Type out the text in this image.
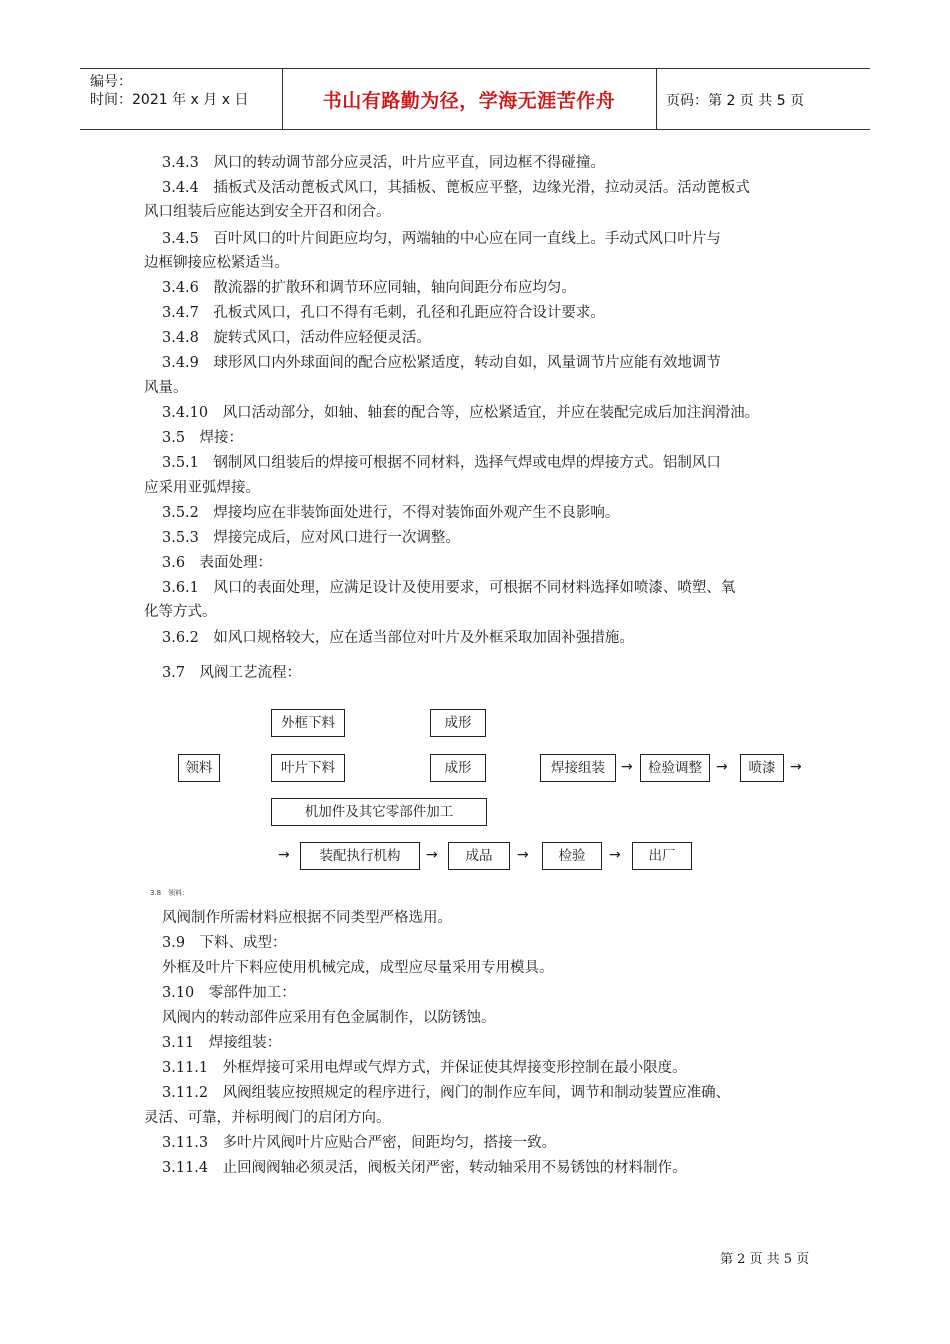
编号：
时间：2021 年 x 月 x 日	书山有路勤为径，学海无涯苦作舟	页码：第 2 页 共 5 页
3.4.3　风口的转动调节部分应灵活，叶片应平直，同边框不得碰撞。
3.4.4　插板式及活动蓖板式风口，其插板、蓖板应平整，边缘光滑，拉动灵活。活动蓖板式
风口组装后应能达到安全开召和闭合。
3.4.5　百叶风口的叶片间距应均匀，两端轴的中心应在同一直线上。手动式风口叶片与
边框铆接应松紧适当。
3.4.6　散流器的扩散环和调节环应同轴，轴向间距分布应均匀。
3.4.7　孔板式风口，孔口不得有毛刺，孔径和孔距应符合设计要求。
3.4.8　旋转式风口，活动件应轻便灵活。
3.4.9　球形风口内外球面间的配合应松紧适度，转动自如，风量调节片应能有效地调节
风量。
3.4.10　风口活动部分，如轴、轴套的配合等，应松紧适宜，并应在装配完成后加注润滑油。
3.5　焊接：
3.5.1　钢制风口组装后的焊接可根据不同材料，选择气焊或电焊的焊接方式。铝制风口
应采用亚弧焊接。
3.5.2　焊接均应在非装饰面处进行，不得对装饰面外观产生不良影响。
3.5.3　焊接完成后，应对风口进行一次调整。
3.6　表面处理：
3.6.1　风口的表面处理，应满足设计及使用要求，可根据不同材料选择如喷漆、喷塑、氧
化等方式。
3.6.2　如风口规格较大，应在适当部位对叶片及外框采取加固补强措施。
3.7　风阀工艺流程：
领料
外框下料	成形
叶片下料	成形
机加件及其它零部件加工
焊接组装	→	检验调整	→	喷漆	→
→	装配执行机构	→	成品	→	检验	→	出厂
3.8　领料：
风阀制作所需材料应根据不同类型严格选用。
3.9　下料、成型：
外框及叶片下料应使用机械完成，成型应尽量采用专用模具。
3.10　零部件加工：
风阀内的转动部件应采用有色金属制作，以防锈蚀。
3.11　焊接组装：
3.11.1　外框焊接可采用电焊或气焊方式，并保证使其焊接变形控制在最小限度。
3.11.2　风阀组装应按照规定的程序进行，阀门的制作应车间，调节和制动装置应准确、
灵活、可靠，并标明阀门的启闭方向。
3.11.3　多叶片风阀叶片应贴合严密，间距均匀，搭接一致。
3.11.4　止回阀阀轴必须灵活，阀板关闭严密，转动轴采用不易锈蚀的材料制作。
第 2 页 共 5 页
